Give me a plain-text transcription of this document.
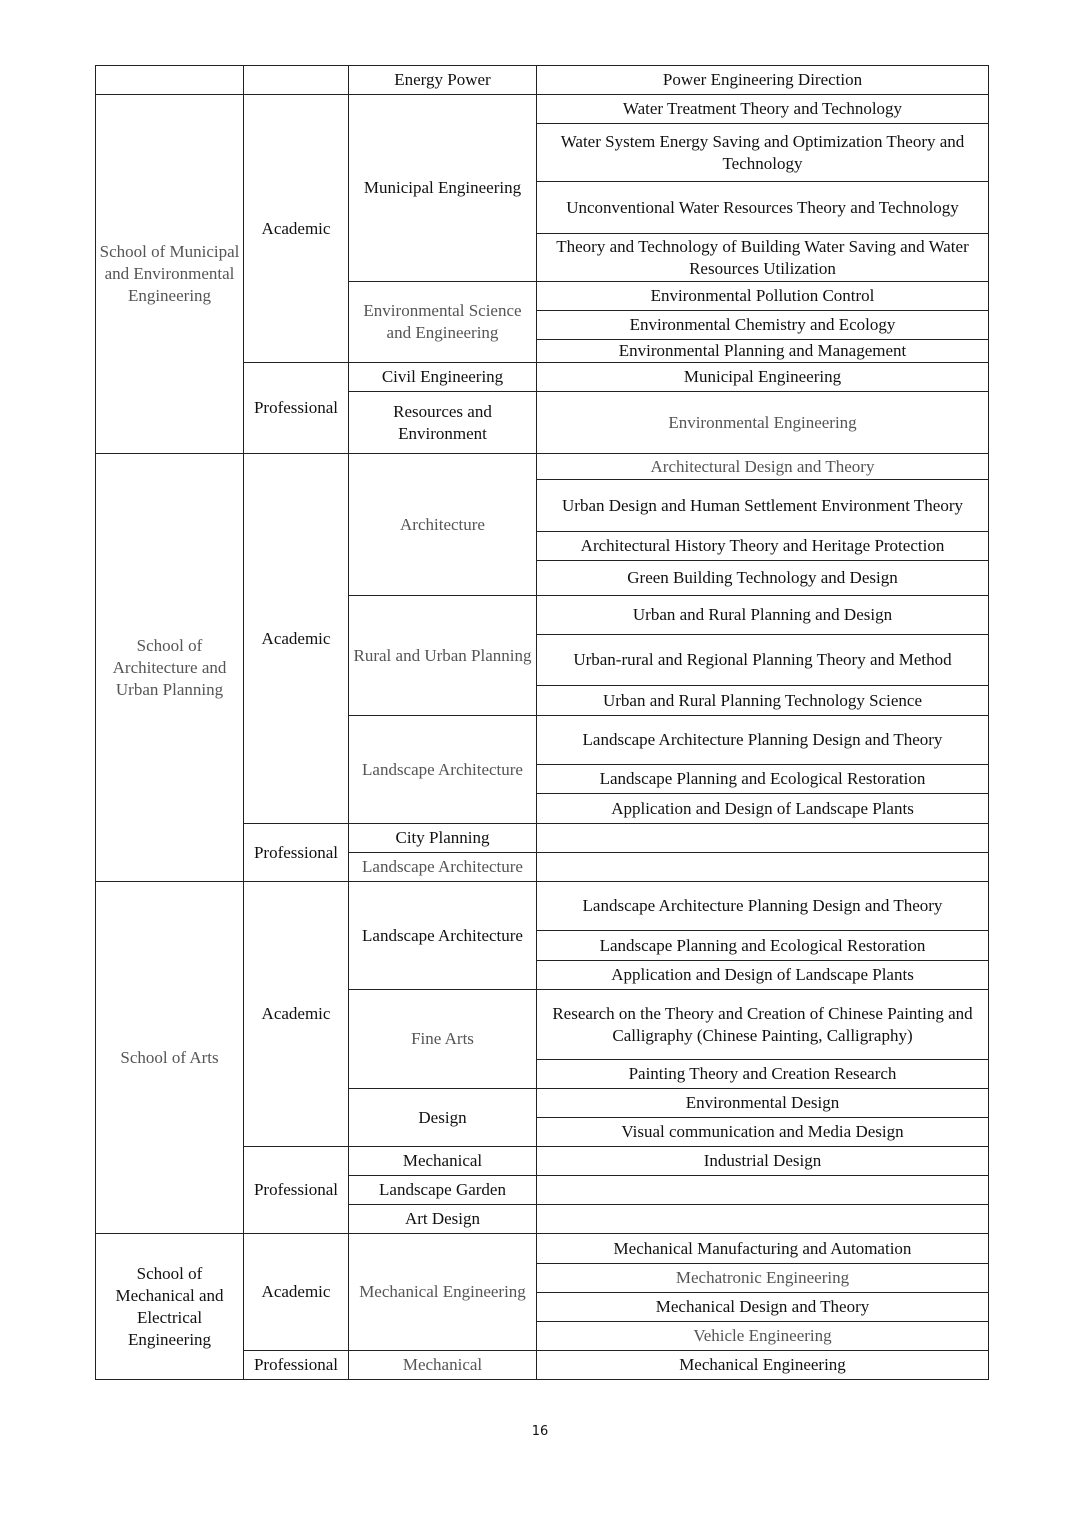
		Energy Power	Power Engineering Direction
School of Municipal and Environmental Engineering	Academic	Municipal Engineering	Water Treatment Theory and Technology
			Water System Energy Saving and Optimization Theory and Technology
			Unconventional Water Resources Theory and Technology
			Theory and Technology of Building Water Saving and Water Resources Utilization

		Environmental Science and Engineering	Environmental Pollution Control
			Environmental Chemistry and Ecology
			Environmental Planning and Management

	Professional	Civil Engineering	Municipal Engineering
		Resources and Environment	Environmental Engineering
School of Architecture and Urban Planning	Academic	Architecture	Architectural Design and Theory
			Urban Design and Human Settlement Environment Theory
			Architectural History Theory and Heritage Protection
			Green Building Technology and Design
		Rural and Urban Planning	Urban and Rural Planning and Design
			Urban-rural and Regional Planning Theory and Method
			Urban and Rural Planning Technology Science
		Landscape Architecture	Landscape Architecture Planning Design and Theory
			Landscape Planning and Ecological Restoration
			Application and Design of Landscape Plants
	Professional	City Planning	
		Landscape Architecture	
School of Arts	Academic	Landscape Architecture	Landscape Architecture Planning Design and Theory
			Landscape Planning and Ecological Restoration
			Application and Design of Landscape Plants
		Fine Arts	Research on the Theory and Creation of Chinese Painting and Calligraphy (Chinese Painting, Calligraphy)
			Painting Theory and Creation Research
		Design	Environmental Design
			Visual communication and Media Design

	Professional	Mechanical	Industrial Design
		Landscape Garden	
		Art Design	
School of Mechanical and Electrical Engineering	Academic	Mechanical Engineering	Mechanical Manufacturing and Automation
			Mechatronic Engineering
			Mechanical Design and Theory
			Vehicle Engineering
	Professional	Mechanical	Mechanical Engineering
16
